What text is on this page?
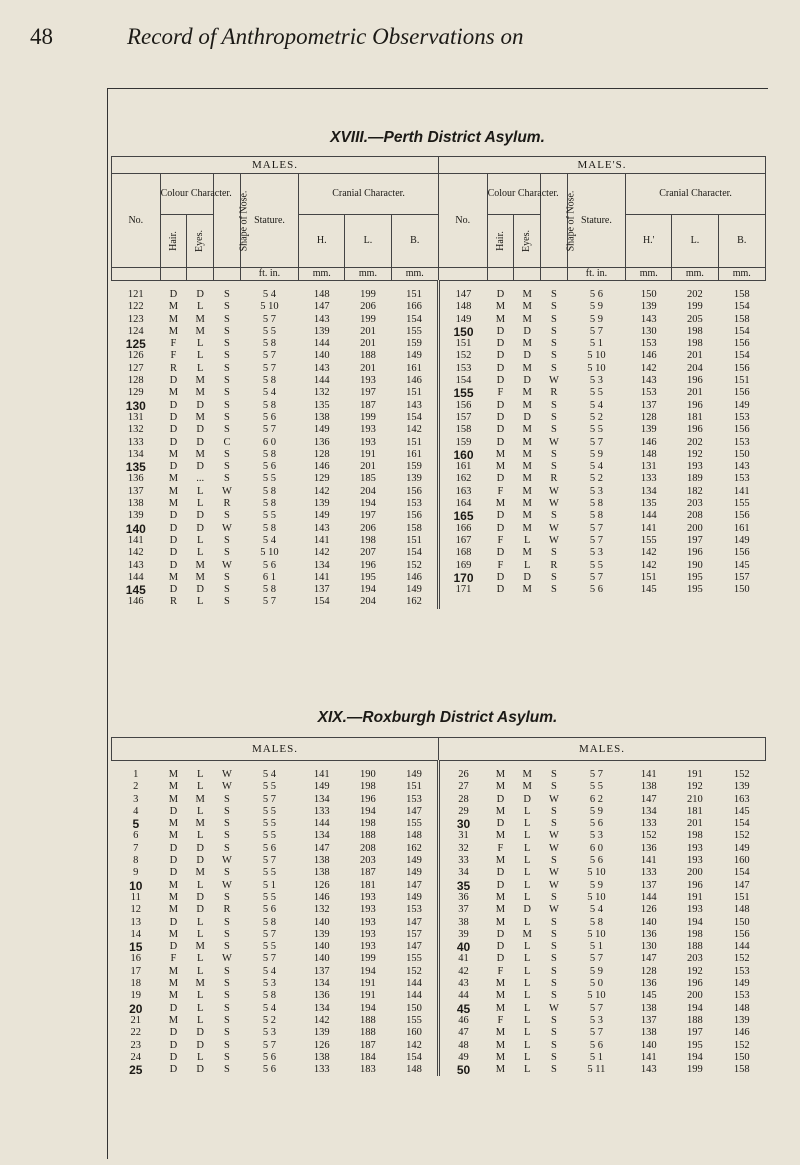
48	Record of Anthropometric Observations on
XVIII.—Perth District Asylum.
MALES.								MALE'S.							
No.	Colour Character.		Shape of Nose.	Stature.	Cranial Character.			No.	Colour Character.		Shape of Nose.	Stature.	Cranial Character.		
	Hair.	Eyes.			H.	L.	B.		Hair.	Eyes.			H.'	L.	B.
				ft. in.	mm.	mm.	mm.					ft. in.	mm.	mm.	mm.

121	D	D	S	5 4	148	199	151	147	D	M	S	5 6	150	202	158
122	M	L	S	5 10	147	206	166	148	M	M	S	5 9	139	199	154
123	M	M	S	5 7	143	199	154	149	M	M	S	5 9	143	205	158
124	M	M	S	5 5	139	201	155	150	D	D	S	5 7	130	198	154
125	F	L	S	5 8	144	201	159	151	D	M	S	5 1	153	198	156
126	F	L	S	5 7	140	188	149	152	D	D	S	5 10	146	201	154
127	R	L	S	5 7	143	201	161	153	D	M	S	5 10	142	204	156
128	D	M	S	5 8	144	193	146	154	D	D	W	5 3	143	196	151
129	M	M	S	5 4	132	197	151	155	F	M	R	5 5	153	201	156
130	D	D	S	5 8	135	187	143	156	D	M	S	5 4	137	196	149
131	D	M	S	5 6	138	199	154	157	D	D	S	5 2	128	181	153
132	D	D	S	5 7	149	193	142	158	D	M	S	5 5	139	196	156
133	D	D	C	6 0	136	193	151	159	D	M	W	5 7	146	202	153
134	M	M	S	5 8	128	191	161	160	M	M	S	5 9	148	192	150
135	D	D	S	5 6	146	201	159	161	M	M	S	5 4	131	193	143
136	M	...	S	5 5	129	185	139	162	D	M	R	5 2	133	189	153
137	M	L	W	5 8	142	204	156	163	F	M	W	5 3	134	182	141
138	M	L	R	5 8	139	194	153	164	M	M	W	5 8	135	203	155
139	D	D	S	5 5	149	197	156	165	D	M	S	5 8	144	208	156
140	D	D	W	5 8	143	206	158	166	D	M	W	5 7	141	200	161
141	D	L	S	5 4	141	198	151	167	F	L	W	5 7	155	197	149
142	D	L	S	5 10	142	207	154	168	D	M	S	5 3	142	196	156
143	D	M	W	5 6	134	196	152	169	F	L	R	5 5	142	190	145
144	M	M	S	6 1	141	195	146	170	D	D	S	5 7	151	195	157
145	D	D	S	5 8	137	194	149	171	D	M	S	5 6	145	195	150
146	R	L	S	5 7	154	204	162								
XIX.—Roxburgh District Asylum.
MALES.								MALES.							

1	M	L	W	5 4	141	190	149	26	M	M	S	5 7	141	191	152
2	M	L	W	5 5	149	198	151	27	M	M	S	5 5	138	192	139
3	M	M	S	5 7	134	196	153	28	D	D	W	6 2	147	210	163
4	D	L	S	5 5	133	194	147	29	M	L	S	5 9	134	181	145
5	M	M	S	5 5	144	198	155	30	D	L	S	5 6	133	201	154
6	M	L	S	5 5	134	188	148	31	M	L	W	5 3	152	198	152
7	D	D	S	5 6	147	208	162	32	F	L	W	6 0	136	193	149
8	D	D	W	5 7	138	203	149	33	M	L	S	5 6	141	193	160
9	D	M	S	5 5	138	187	149	34	D	L	W	5 10	133	200	154
10	M	L	W	5 1	126	181	147	35	D	L	W	5 9	137	196	147
11	M	D	S	5 5	146	193	149	36	M	L	S	5 10	144	191	151
12	M	D	R	5 6	132	193	153	37	M	D	W	5 4	126	193	148
13	D	L	S	5 8	140	193	147	38	M	L	S	5 8	140	194	150
14	M	L	S	5 7	139	193	157	39	D	M	S	5 10	136	198	156
15	D	M	S	5 5	140	193	147	40	D	L	S	5 1	130	188	144
16	F	L	W	5 7	140	199	155	41	D	L	S	5 7	147	203	152
17	M	L	S	5 4	137	194	152	42	F	L	S	5 9	128	192	153
18	M	M	S	5 3	134	191	144	43	M	L	S	5 0	136	196	149
19	M	L	S	5 8	136	191	144	44	M	L	S	5 10	145	200	153
20	D	L	S	5 4	134	194	150	45	M	L	W	5 7	138	194	148
21	M	L	S	5 2	142	188	155	46	F	L	S	5 3	137	188	139
22	D	D	S	5 3	139	188	160	47	M	L	S	5 7	138	197	146
23	D	D	S	5 7	126	187	142	48	M	L	S	5 6	140	195	152
24	D	L	S	5 6	138	184	154	49	M	L	S	5 1	141	194	150
25	D	D	S	5 6	133	183	148	50	M	L	S	5 11	143	199	158
